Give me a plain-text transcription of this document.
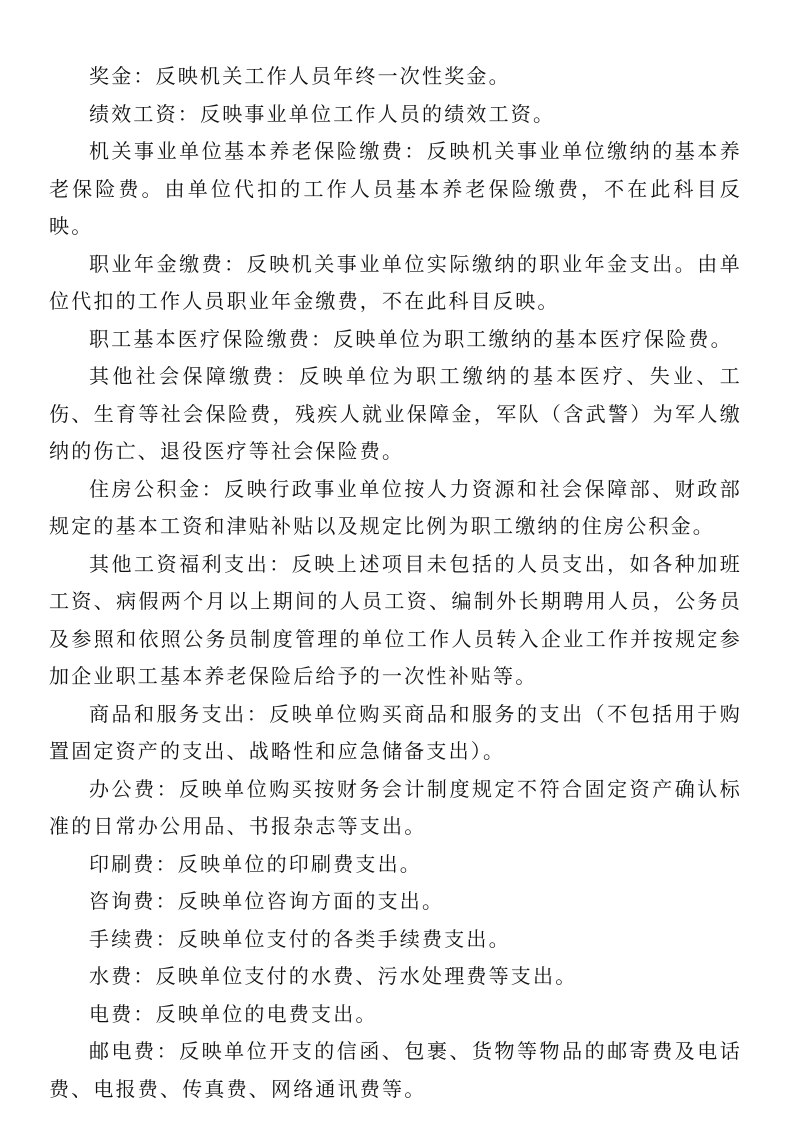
奖金：反映机关工作人员年终一次性奖金。

绩效工资：反映事业单位工作人员的绩效工资。

机关事业单位基本养老保险缴费：反映机关事业单位缴纳的基本养老保险费。由单位代扣的工作人员基本养老保险缴费，不在此科目反映。

职业年金缴费：反映机关事业单位实际缴纳的职业年金支出。由单位代扣的工作人员职业年金缴费，不在此科目反映。

职工基本医疗保险缴费：反映单位为职工缴纳的基本医疗保险费。

其他社会保障缴费：反映单位为职工缴纳的基本医疗、失业、工伤、生育等社会保险费，残疾人就业保障金，军队（含武警）为军人缴纳的伤亡、退役医疗等社会保险费。

住房公积金：反映行政事业单位按人力资源和社会保障部、财政部规定的基本工资和津贴补贴以及规定比例为职工缴纳的住房公积金。

其他工资福利支出：反映上述项目未包括的人员支出，如各种加班工资、病假两个月以上期间的人员工资、编制外长期聘用人员，公务员及参照和依照公务员制度管理的单位工作人员转入企业工作并按规定参加企业职工基本养老保险后给予的一次性补贴等。

商品和服务支出：反映单位购买商品和服务的支出（不包括用于购置固定资产的支出、战略性和应急储备支出）。

办公费：反映单位购买按财务会计制度规定不符合固定资产确认标准的日常办公用品、书报杂志等支出。

印刷费：反映单位的印刷费支出。

咨询费：反映单位咨询方面的支出。

手续费：反映单位支付的各类手续费支出。

水费：反映单位支付的水费、污水处理费等支出。

电费：反映单位的电费支出。

邮电费：反映单位开支的信函、包裹、货物等物品的邮寄费及电话费、电报费、传真费、网络通讯费等。
